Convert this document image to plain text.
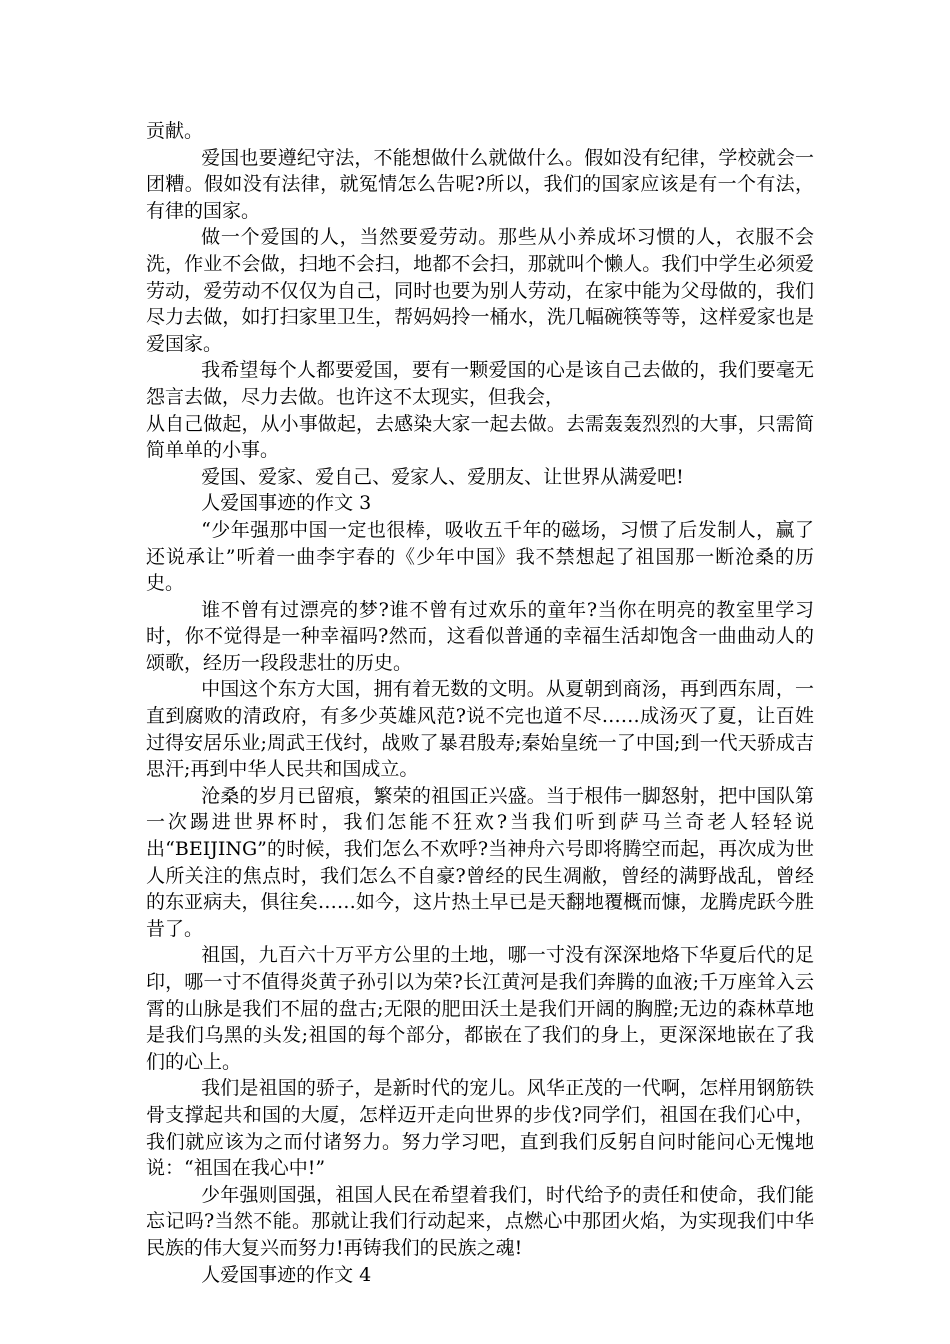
贡献。

爱国也要遵纪守法，不能想做什么就做什么。假如没有纪律，学校就会一团糟。假如没有法律，就冤情怎么告呢?所以，我们的国家应该是有一个有法，有律的国家。

做一个爱国的人，当然要爱劳动。那些从小养成坏习惯的人，衣服不会洗，作业不会做，扫地不会扫，地都不会扫，那就叫个懒人。我们中学生必须爱劳动，爱劳动不仅仅为自己，同时也要为别人劳动，在家中能为父母做的，我们尽力去做，如打扫家里卫生，帮妈妈拎一桶水，洗几幅碗筷等等，这样爱家也是爱国家。

我希望每个人都要爱国，要有一颗爱国的心是该自己去做的，我们要毫无怨言去做，尽力去做。也许这不太现实，但我会，

从自己做起，从小事做起，去感染大家一起去做。去需轰轰烈烈的大事，只需简简单单的小事。

爱国、爱家、爱自己、爱家人、爱朋友、让世界从满爱吧!

人爱国事迹的作文 3

“少年强那中国一定也很棒，吸收五千年的磁场，习惯了后发制人，赢了还说承让”听着一曲李宇春的《少年中国》我不禁想起了祖国那一断沧桑的历史。

谁不曾有过漂亮的梦?谁不曾有过欢乐的童年?当你在明亮的教室里学习时，你不觉得是一种幸福吗?然而，这看似普通的幸福生活却饱含一曲曲动人的颂歌，经历一段段悲壮的历史。

中国这个东方大国，拥有着无数的文明。从夏朝到商汤，再到西东周，一直到腐败的清政府，有多少英雄风范?说不完也道不尽……成汤灭了夏，让百姓过得安居乐业;周武王伐纣，战败了暴君殷寿;秦始皇统一了中国;到一代天骄成吉思汗;再到中华人民共和国成立。

沧桑的岁月已留痕，繁荣的祖国正兴盛。当于根伟一脚怒射，把中国队第一次踢进世界杯时，我们怎能不狂欢?当我们听到萨马兰奇老人轻轻说出“BEIJING”的时候，我们怎么不欢呼?当神舟六号即将腾空而起，再次成为世人所关注的焦点时，我们怎么不自豪?曾经的民生凋敝，曾经的满野战乱，曾经的东亚病夫，俱往矣……如今，这片热土早已是天翻地覆概而慷，龙腾虎跃今胜昔了。

祖国，九百六十万平方公里的土地，哪一寸没有深深地烙下华夏后代的足印，哪一寸不值得炎黄子孙引以为荣?长江黄河是我们奔腾的血液;千万座耸入云霄的山脉是我们不屈的盘古;无限的肥田沃土是我们开阔的胸膛;无边的森林草地是我们乌黑的头发;祖国的每个部分，都嵌在了我们的身上，更深深地嵌在了我们的心上。

我们是祖国的骄子，是新时代的宠儿。风华正茂的一代啊，怎样用钢筋铁骨支撑起共和国的大厦，怎样迈开走向世界的步伐?同学们，祖国在我们心中，我们就应该为之而付诸努力。努力学习吧，直到我们反躬自问时能问心无愧地说：“祖国在我心中!”

少年强则国强，祖国人民在希望着我们，时代给予的责任和使命，我们能忘记吗?当然不能。那就让我们行动起来，点燃心中那团火焰，为实现我们中华民族的伟大复兴而努力!再铸我们的民族之魂!

人爱国事迹的作文 4
